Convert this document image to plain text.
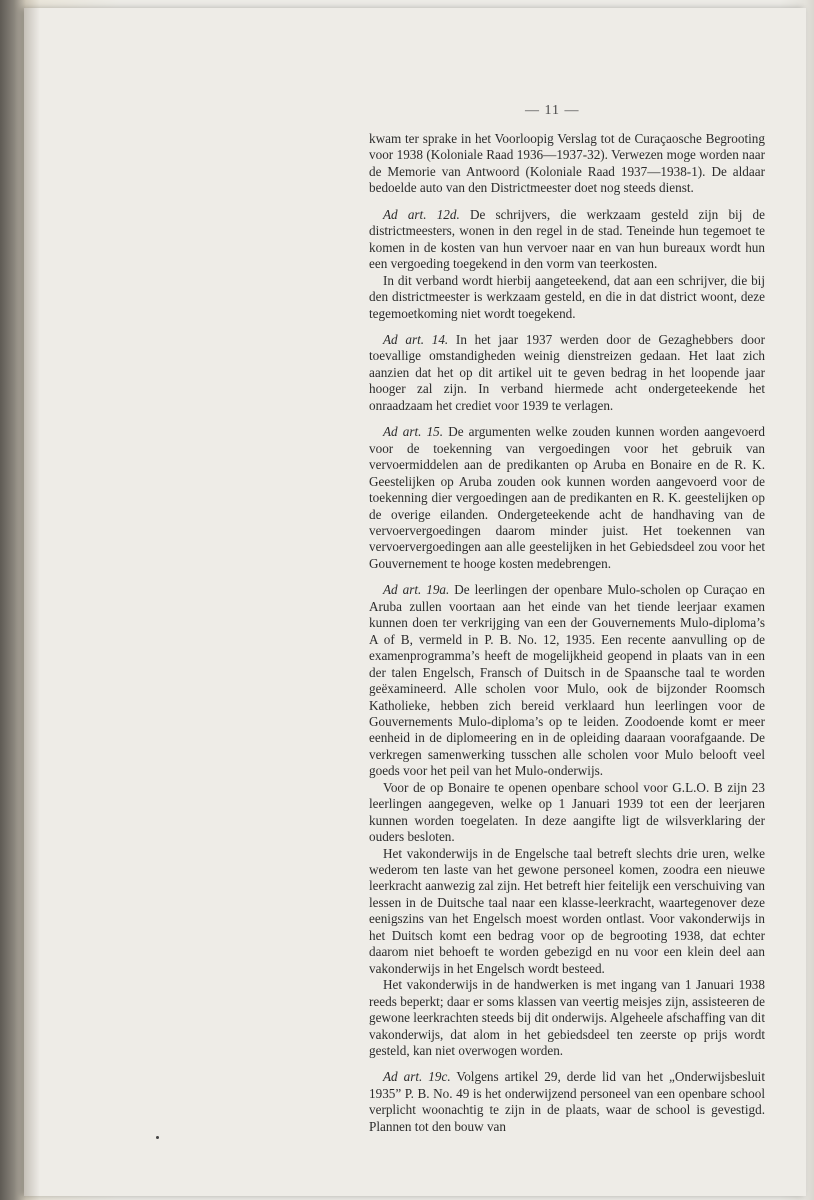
— 11 —

kwam ter sprake in het Voorloopig Verslag tot de Curaçaosche Begrooting voor 1938 (Koloniale Raad 1936—1937-32). Verwezen moge worden naar de Memorie van Antwoord (Koloniale Raad 1937—1938-1). De aldaar bedoelde auto van den Districtmeester doet nog steeds dienst.

Ad art. 12d. De schrijvers, die werkzaam gesteld zijn bij de districtmeesters, wonen in den regel in de stad. Teneinde hun tegemoet te komen in de kosten van hun vervoer naar en van hun bureaux wordt hun een vergoeding toegekend in den vorm van teerkosten.

In dit verband wordt hierbij aangeteekend, dat aan een schrijver, die bij den districtmeester is werkzaam gesteld, en die in dat district woont, deze tegemoetkoming niet wordt toegekend.

Ad art. 14. In het jaar 1937 werden door de Gezaghebbers door toevallige omstandigheden weinig dienstreizen gedaan. Het laat zich aanzien dat het op dit artikel uit te geven bedrag in het loopende jaar hooger zal zijn. In verband hiermede acht ondergeteekende het onraadzaam het crediet voor 1939 te verlagen.

Ad art. 15. De argumenten welke zouden kunnen worden aangevoerd voor de toekenning van vergoedingen voor het gebruik van vervoermiddelen aan de predikanten op Aruba en Bonaire en de R. K. Geestelijken op Aruba zouden ook kunnen worden aangevoerd voor de toekenning dier vergoedingen aan de predikanten en R. K. geestelijken op de overige eilanden. Ondergeteekende acht de handhaving van de vervoervergoedingen daarom minder juist. Het toekennen van vervoervergoedingen aan alle geestelijken in het Gebiedsdeel zou voor het Gouvernement te hooge kosten medebrengen.

Ad art. 19a. De leerlingen der openbare Mulo-scholen op Curaçao en Aruba zullen voortaan aan het einde van het tiende leerjaar examen kunnen doen ter verkrijging van een der Gouvernements Mulo-diploma’s A of B, vermeld in P. B. No. 12, 1935. Een recente aanvulling op de examenprogramma’s heeft de mogelijkheid geopend in plaats van in een der talen Engelsch, Fransch of Duitsch in de Spaansche taal te worden geëxamineerd. Alle scholen voor Mulo, ook de bijzonder Roomsch Katholieke, hebben zich bereid verklaard hun leerlingen voor de Gouvernements Mulo-diploma’s op te leiden. Zoodoende komt er meer eenheid in de diplomeering en in de opleiding daaraan voorafgaande. De verkregen samenwerking tusschen alle scholen voor Mulo belooft veel goeds voor het peil van het Mulo-onderwijs.

Voor de op Bonaire te openen openbare school voor G.L.O. B zijn 23 leerlingen aangegeven, welke op 1 Januari 1939 tot een der leerjaren kunnen worden toegelaten. In deze aangifte ligt de wilsverklaring der ouders besloten.

Het vakonderwijs in de Engelsche taal betreft slechts drie uren, welke wederom ten laste van het gewone personeel komen, zoodra een nieuwe leerkracht aanwezig zal zijn. Het betreft hier feitelijk een verschuiving van lessen in de Duitsche taal naar een klasse-leerkracht, waartegenover deze eenigszins van het Engelsch moest worden ontlast. Voor vakonderwijs in het Duitsch komt een bedrag voor op de begrooting 1938, dat echter daarom niet behoeft te worden gebezigd en nu voor een klein deel aan vakonderwijs in het Engelsch wordt besteed.

Het vakonderwijs in de handwerken is met ingang van 1 Januari 1938 reeds beperkt; daar er soms klassen van veertig meisjes zijn, assisteeren de gewone leerkrachten steeds bij dit onderwijs. Algeheele afschaffing van dit vakonderwijs, dat alom in het gebiedsdeel ten zeerste op prijs wordt gesteld, kan niet overwogen worden.

Ad art. 19c. Volgens artikel 29, derde lid van het „Onderwijsbesluit 1935” P. B. No. 49 is het onderwijzend personeel van een openbare school verplicht woonachtig te zijn in de plaats, waar de school is gevestigd. Plannen tot den bouw van
